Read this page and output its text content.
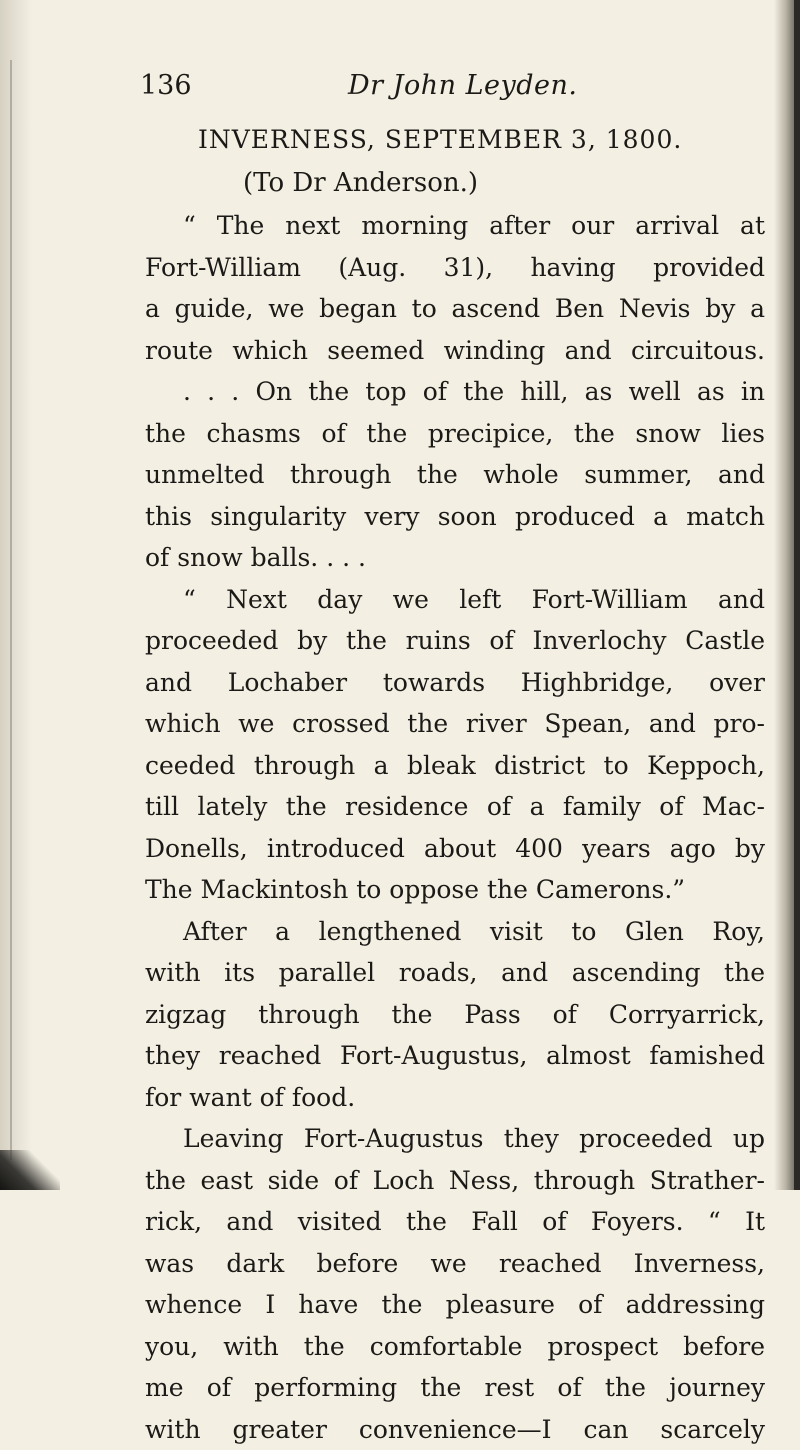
136	Dr John Leyden.
INVERNESS, SEPTEMBER 3, 1800.
(To Dr Anderson.)
“ The next morning after our arrival at
Fort-William (Aug. 31), having provided
a guide, we began to ascend Ben Nevis by a
route which seemed winding and circuitous.
. . . On the top of the hill, as well as in
the chasms of the precipice, the snow lies
unmelted through the whole summer, and
this singularity very soon produced a match
of snow balls. . . .
“ Next day we left Fort-William and
proceeded by the ruins of Inverlochy Castle
and Lochaber towards Highbridge, over
which we crossed the river Spean, and pro-
ceeded through a bleak district to Keppoch,
till lately the residence of a family of Mac-
Donells, introduced about 400 years ago by
The Mackintosh to oppose the Camerons.”
After a lengthened visit to Glen Roy,
with its parallel roads, and ascending the
zigzag through the Pass of Corryarrick,
they reached Fort-Augustus, almost famished
for want of food.
Leaving Fort-Augustus they proceeded up
the east side of Loch Ness, through Strather-
rick, and visited the Fall of Foyers. “ It
was dark before we reached Inverness,
whence I have the pleasure of addressing
you, with the comfortable prospect before
me of performing the rest of the journey
with greater convenience—I can scarcely
